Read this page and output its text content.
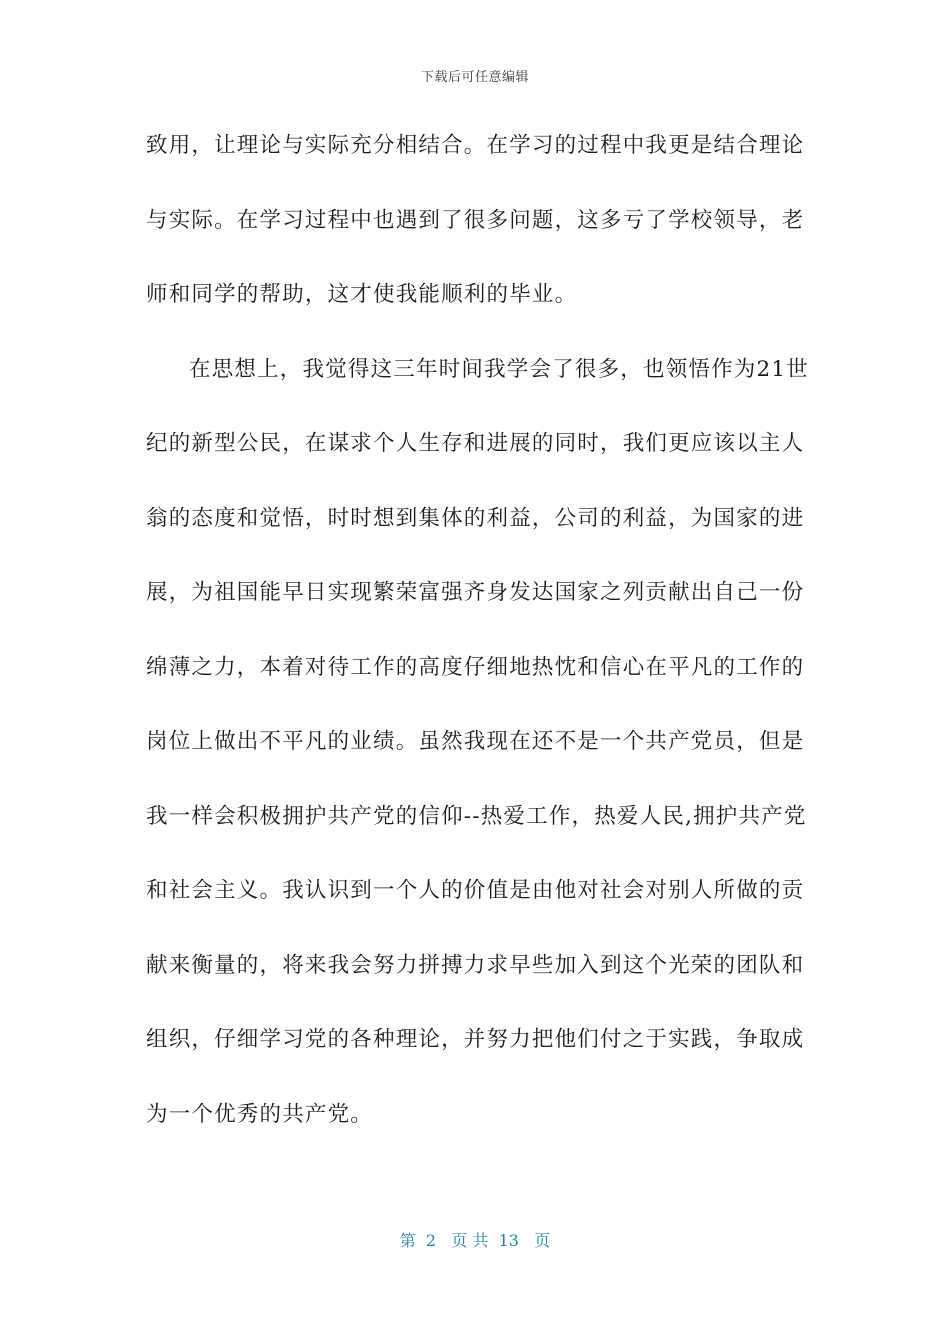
下载后可任意编辑
致用，让理论与实际充分相结合。在学习的过程中我更是结合理论
与实际。在学习过程中也遇到了很多问题，这多亏了学校领导，老
师和同学的帮助，这才使我能顺利的毕业。
在思想上，我觉得这三年时间我学会了很多，也领悟作为21世
纪的新型公民，在谋求个人生存和进展的同时，我们更应该以主人
翁的态度和觉悟，时时想到集体的利益，公司的利益，为国家的进
展，为祖国能早日实现繁荣富强齐身发达国家之列贡献出自己一份
绵薄之力，本着对待工作的高度仔细地热忱和信心在平凡的工作的
岗位上做出不平凡的业绩。虽然我现在还不是一个共产党员，但是
我一样会积极拥护共产党的信仰--热爱工作，热爱人民,拥护共产党
和社会主义。我认识到一个人的价值是由他对社会对别人所做的贡
献来衡量的，将来我会努力拼搏力求早些加入到这个光荣的团队和
组织，仔细学习党的各种理论，并努力把他们付之于实践，争取成
为一个优秀的共产党。
第  2   页 共  13   页
